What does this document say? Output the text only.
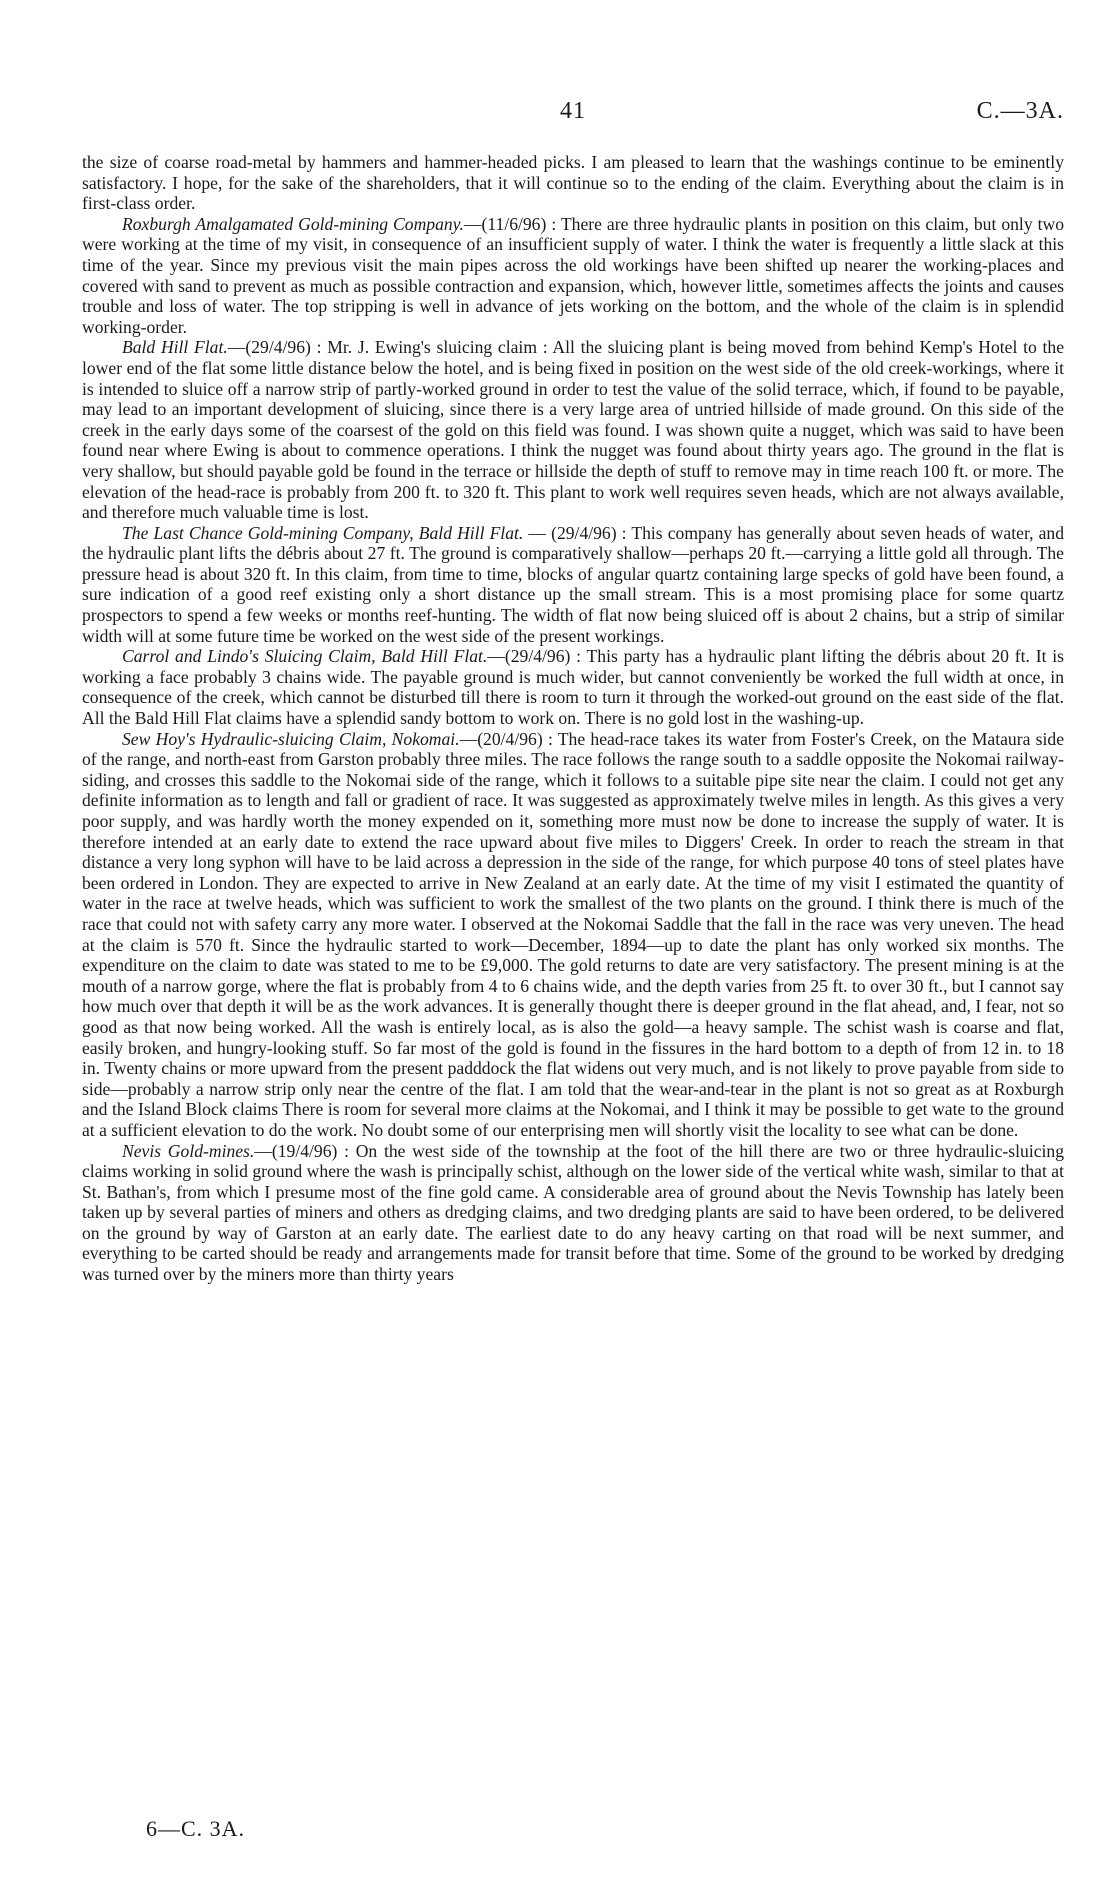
41	C.—3A.

the size of coarse road-metal by hammers and hammer-headed picks. I am pleased to learn that the washings continue to be eminently satisfactory. I hope, for the sake of the shareholders, that it will continue so to the ending of the claim. Everything about the claim is in first-class order.

Roxburgh Amalgamated Gold-mining Company.—(11/6/96) : There are three hydraulic plants in position on this claim, but only two were working at the time of my visit, in consequence of an insufficient supply of water. I think the water is frequently a little slack at this time of the year. Since my previous visit the main pipes across the old workings have been shifted up nearer the working-places and covered with sand to prevent as much as possible contraction and expansion, which, however little, sometimes affects the joints and causes trouble and loss of water. The top stripping is well in advance of jets working on the bottom, and the whole of the claim is in splendid working-order.

Bald Hill Flat.—(29/4/96) : Mr. J. Ewing's sluicing claim : All the sluicing plant is being moved from behind Kemp's Hotel to the lower end of the flat some little distance below the hotel, and is being fixed in position on the west side of the old creek-workings, where it is intended to sluice off a narrow strip of partly-worked ground in order to test the value of the solid terrace, which, if found to be payable, may lead to an important development of sluicing, since there is a very large area of untried hillside of made ground. On this side of the creek in the early days some of the coarsest of the gold on this field was found. I was shown quite a nugget, which was said to have been found near where Ewing is about to commence operations. I think the nugget was found about thirty years ago. The ground in the flat is very shallow, but should payable gold be found in the terrace or hillside the depth of stuff to remove may in time reach 100 ft. or more. The elevation of the head-race is probably from 200 ft. to 320 ft. This plant to work well requires seven heads, which are not always available, and therefore much valuable time is lost.

The Last Chance Gold-mining Company, Bald Hill Flat. — (29/4/96) : This company has generally about seven heads of water, and the hydraulic plant lifts the débris about 27 ft. The ground is comparatively shallow—perhaps 20 ft.—carrying a little gold all through. The pressure head is about 320 ft. In this claim, from time to time, blocks of angular quartz containing large specks of gold have been found, a sure indication of a good reef existing only a short distance up the small stream. This is a most promising place for some quartz prospectors to spend a few weeks or months reef-hunting. The width of flat now being sluiced off is about 2 chains, but a strip of similar width will at some future time be worked on the west side of the present workings.

Carrol and Lindo's Sluicing Claim, Bald Hill Flat.—(29/4/96) : This party has a hydraulic plant lifting the débris about 20 ft. It is working a face probably 3 chains wide. The payable ground is much wider, but cannot conveniently be worked the full width at once, in consequence of the creek, which cannot be disturbed till there is room to turn it through the worked-out ground on the east side of the flat. All the Bald Hill Flat claims have a splendid sandy bottom to work on. There is no gold lost in the washing-up.

Sew Hoy's Hydraulic-sluicing Claim, Nokomai.—(20/4/96) : The head-race takes its water from Foster's Creek, on the Mataura side of the range, and north-east from Garston probably three miles. The race follows the range south to a saddle opposite the Nokomai railway-siding, and crosses this saddle to the Nokomai side of the range, which it follows to a suitable pipe site near the claim. I could not get any definite information as to length and fall or gradient of race. It was suggested as approximately twelve miles in length. As this gives a very poor supply, and was hardly worth the money expended on it, something more must now be done to increase the supply of water. It is therefore intended at an early date to extend the race upward about five miles to Diggers' Creek. In order to reach the stream in that distance a very long syphon will have to be laid across a depression in the side of the range, for which purpose 40 tons of steel plates have been ordered in London. They are expected to arrive in New Zealand at an early date. At the time of my visit I estimated the quantity of water in the race at twelve heads, which was sufficient to work the smallest of the two plants on the ground. I think there is much of the race that could not with safety carry any more water. I observed at the Nokomai Saddle that the fall in the race was very uneven. The head at the claim is 570 ft. Since the hydraulic started to work—December, 1894—up to date the plant has only worked six months. The expenditure on the claim to date was stated to me to be £9,000. The gold returns to date are very satisfactory. The present mining is at the mouth of a narrow gorge, where the flat is probably from 4 to 6 chains wide, and the depth varies from 25 ft. to over 30 ft., but I cannot say how much over that depth it will be as the work advances. It is generally thought there is deeper ground in the flat ahead, and, I fear, not so good as that now being worked. All the wash is entirely local, as is also the gold—a heavy sample. The schist wash is coarse and flat, easily broken, and hungry-looking stuff. So far most of the gold is found in the fissures in the hard bottom to a depth of from 12 in. to 18 in. Twenty chains or more upward from the present padddock the flat widens out very much, and is not likely to prove payable from side to side—probably a narrow strip only near the centre of the flat. I am told that the wear-and-tear in the plant is not so great as at Roxburgh and the Island Block claims There is room for several more claims at the Nokomai, and I think it may be possible to get wate to the ground at a sufficient elevation to do the work. No doubt some of our enterprising men will shortly visit the locality to see what can be done.

Nevis Gold-mines.—(19/4/96) : On the west side of the township at the foot of the hill there are two or three hydraulic-sluicing claims working in solid ground where the wash is principally schist, although on the lower side of the vertical white wash, similar to that at St. Bathan's, from which I presume most of the fine gold came. A considerable area of ground about the Nevis Township has lately been taken up by several parties of miners and others as dredging claims, and two dredging plants are said to have been ordered, to be delivered on the ground by way of Garston at an early date. The earliest date to do any heavy carting on that road will be next summer, and everything to be carted should be ready and arrangements made for transit before that time. Some of the ground to be worked by dredging was turned over by the miners more than thirty years

6—C. 3A.
